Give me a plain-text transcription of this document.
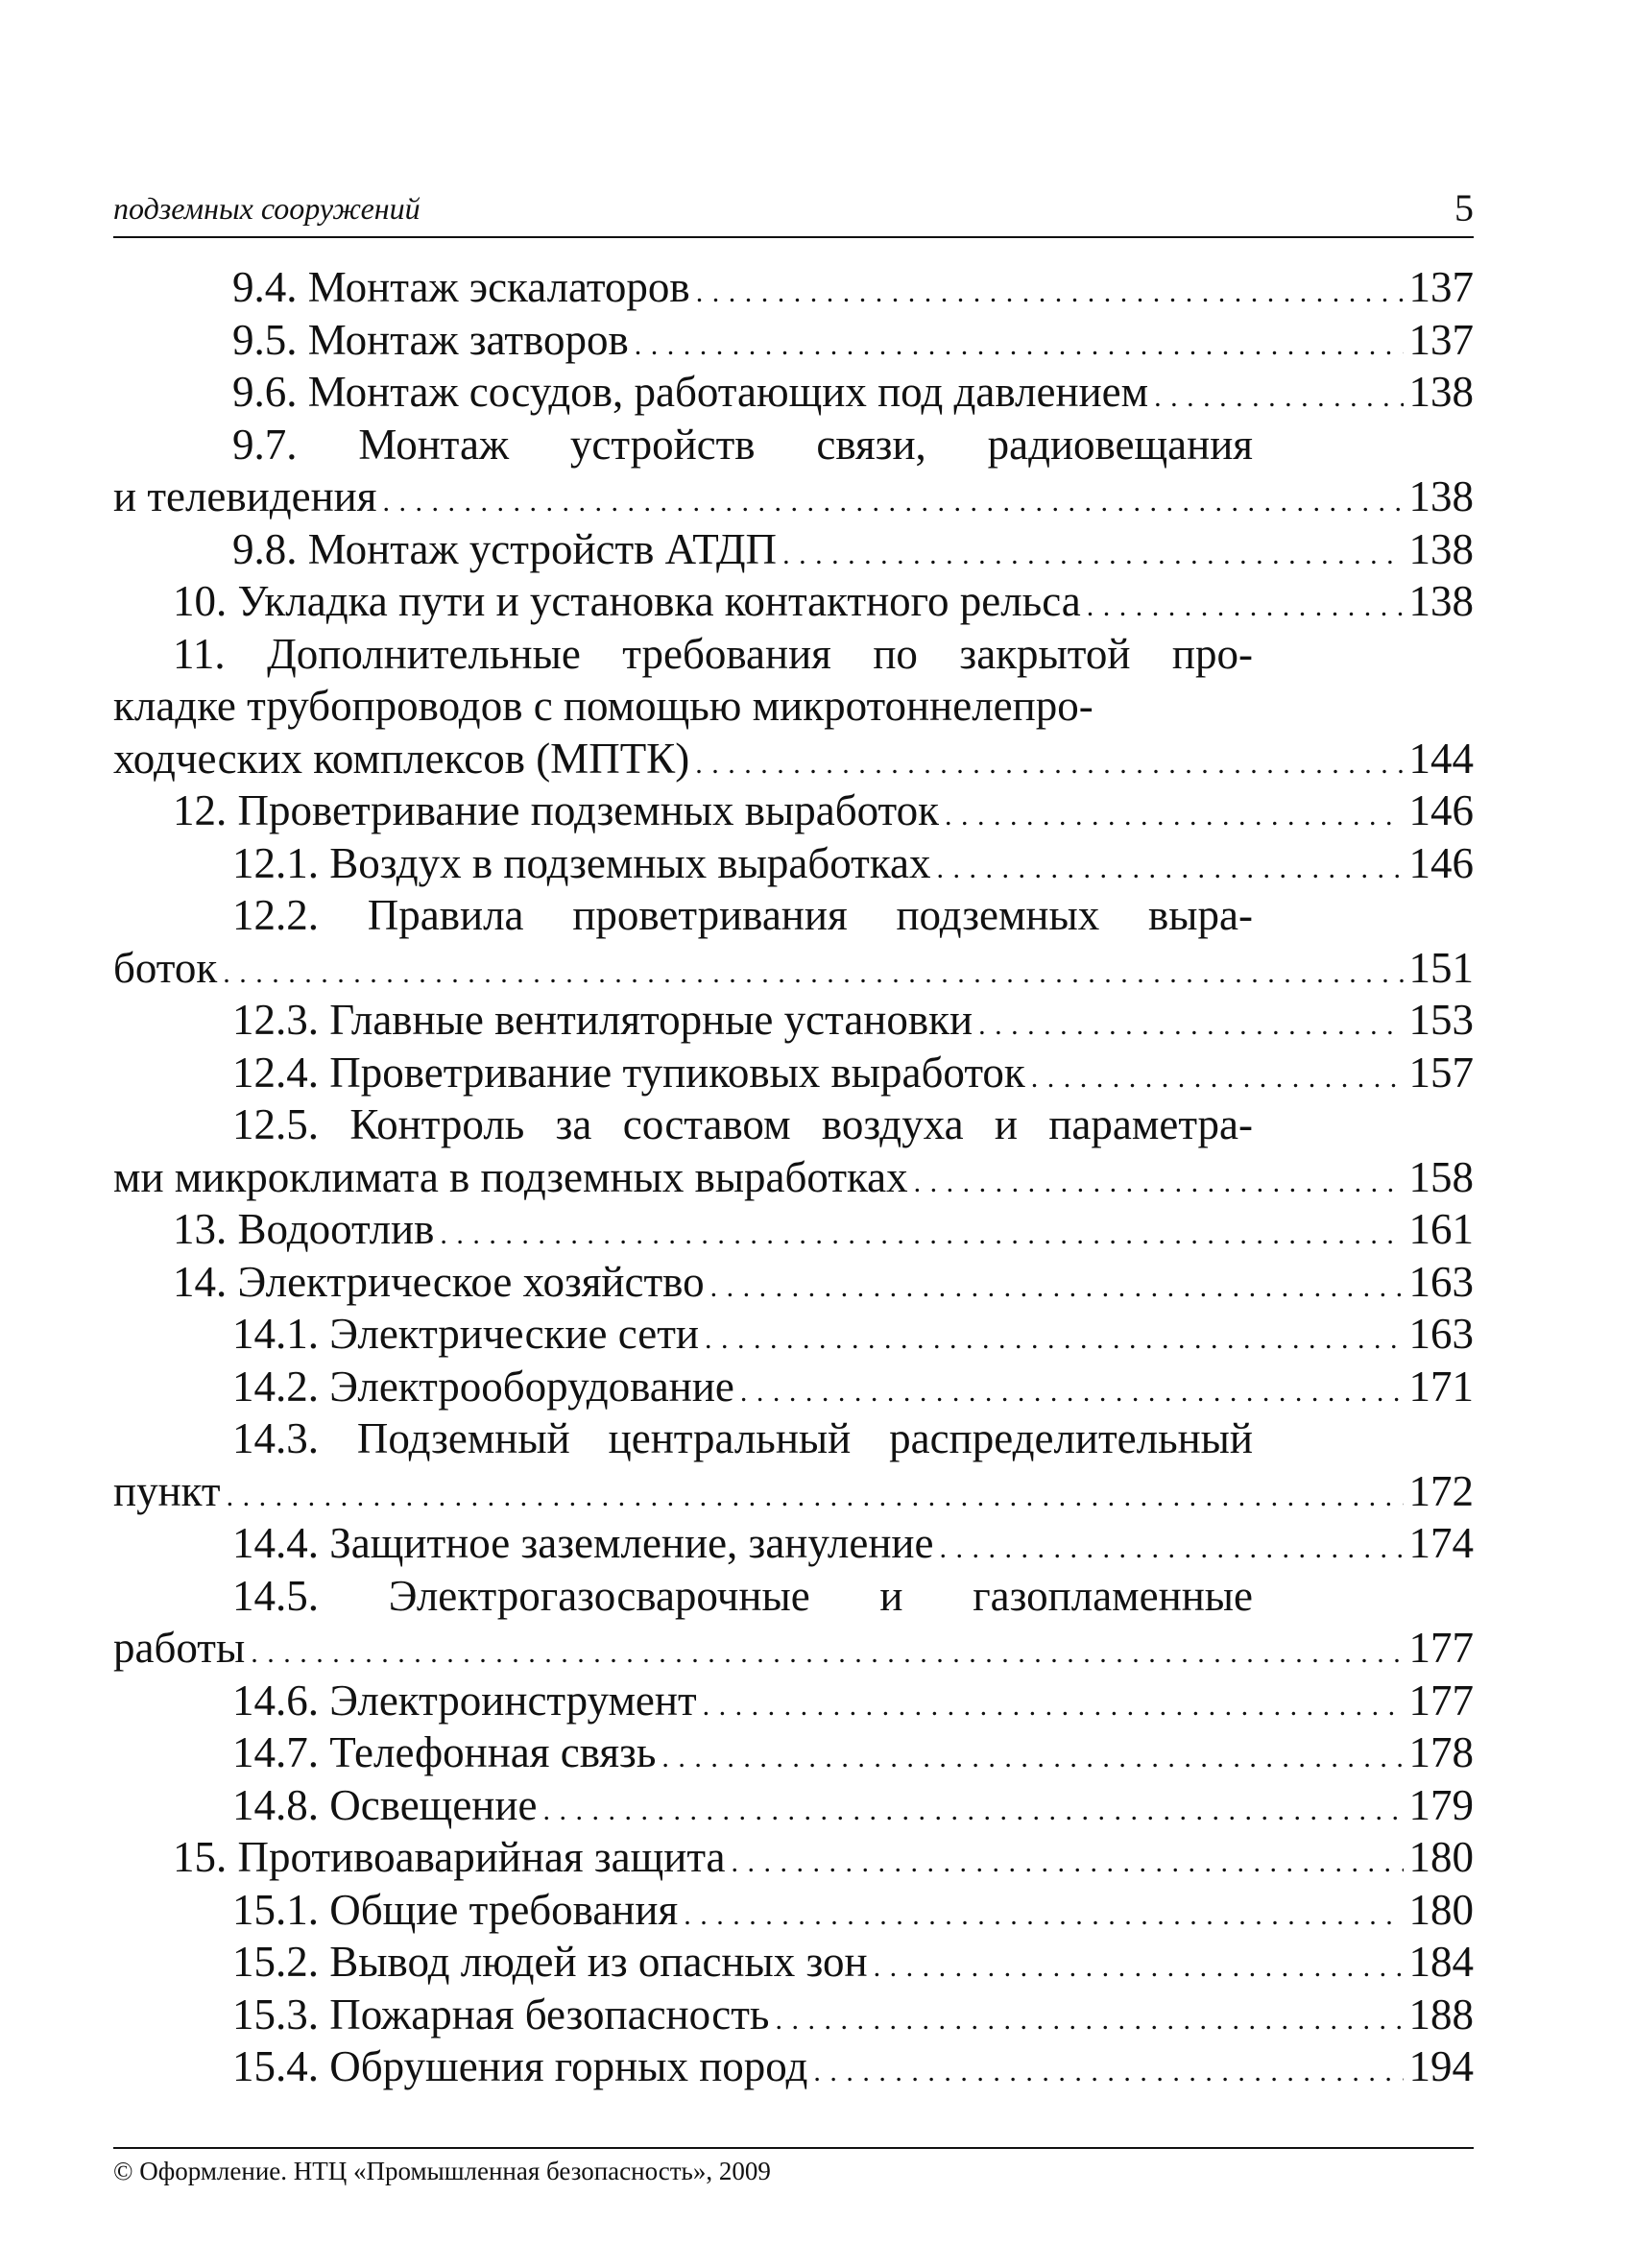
подземных сооружений	5
9.4. Монтаж эскалаторов . . .	137
9.5. Монтаж затворов . . .	137
9.6. Монтаж сосудов, работающих под давлением . . .	138
9.7. Монтаж устройств связи, радиовещания
и телевидения . . .	138
9.8. Монтаж устройств АТДП . . .	138
10. Укладка пути и установка контактного рельса . . .	138
11. Дополнительные требования по закрытой про-
кладке трубопроводов с помощью микротоннелепро-
ходческих комплексов (МПТК) . . .	144
12. Проветривание подземных выработок . . .	146
12.1. Воздух в подземных выработках . . .	146
12.2. Правила проветривания подземных выра-
боток . . .	151
12.3. Главные вентиляторные установки . . .	153
12.4. Проветривание тупиковых выработок . . .	157
12.5. Контроль за составом воздуха и параметра-
ми микроклимата в подземных выработках . . .	158
13. Водоотлив . . .	161
14. Электрическое хозяйство . . .	163
14.1. Электрические сети . . .	163
14.2. Электрооборудование . . .	171
14.3. Подземный центральный распределительный
пункт . . .	172
14.4. Защитное заземление, зануление . . .	174
14.5. Электрогазосварочные и газопламенные
работы . . .	177
14.6. Электроинструмент . . .	177
14.7. Телефонная связь . . .	178
14.8. Освещение . . .	179
15. Противоаварийная защита . . .	180
15.1. Общие требования . . .	180
15.2. Вывод людей из опасных зон . . .	184
15.3. Пожарная безопасность . . .	188
15.4. Обрушения горных пород . . .	194
© Оформление. НТЦ «Промышленная безопасность», 2009
